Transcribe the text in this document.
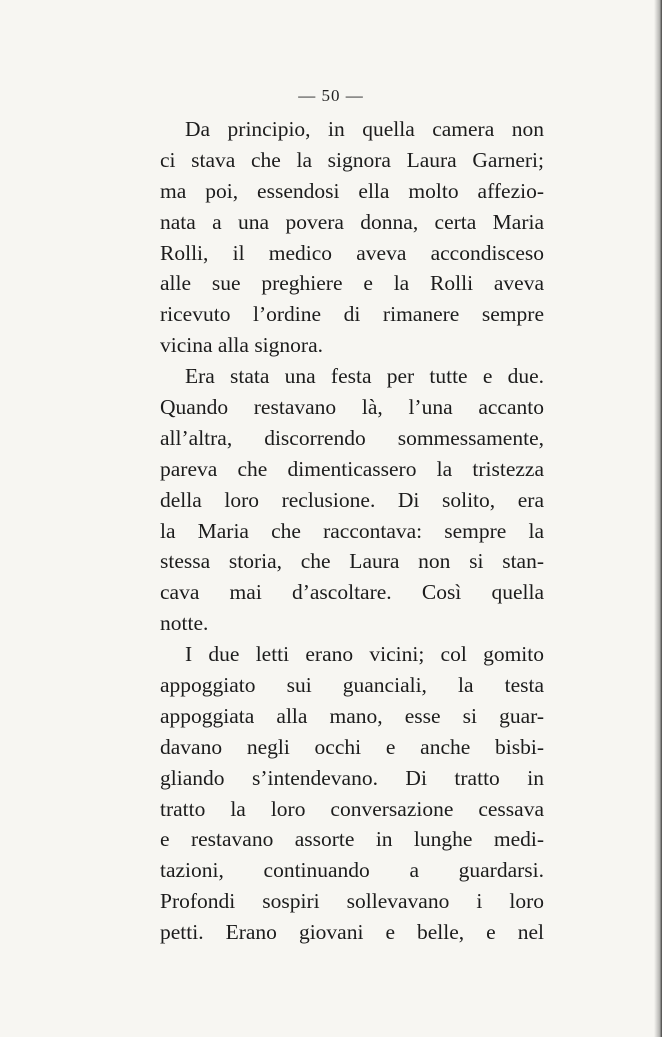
— 50 —
Da principio, in quella camera non
ci stava che la signora Laura Garneri;
ma poi, essendosi ella molto affezio-
nata a una povera donna, certa Maria
Rolli, il medico aveva accondisceso
alle sue preghiere e la Rolli aveva
ricevuto l’ordine di rimanere sempre
vicina alla signora.
Era stata una festa per tutte e due.
Quando restavano là, l’una accanto
all’altra, discorrendo sommessamente,
pareva che dimenticassero la tristezza
della loro reclusione. Di solito, era
la Maria che raccontava: sempre la
stessa storia, che Laura non si stan-
cava mai d’ascoltare. Così quella
notte.
I due letti erano vicini; col gomito
appoggiato sui guanciali, la testa
appoggiata alla mano, esse si guar-
davano negli occhi e anche bisbi-
gliando s’intendevano. Di tratto in
tratto la loro conversazione cessava
e restavano assorte in lunghe medi-
tazioni, continuando a guardarsi.
Profondi sospiri sollevavano i loro
petti. Erano giovani e belle, e nel
